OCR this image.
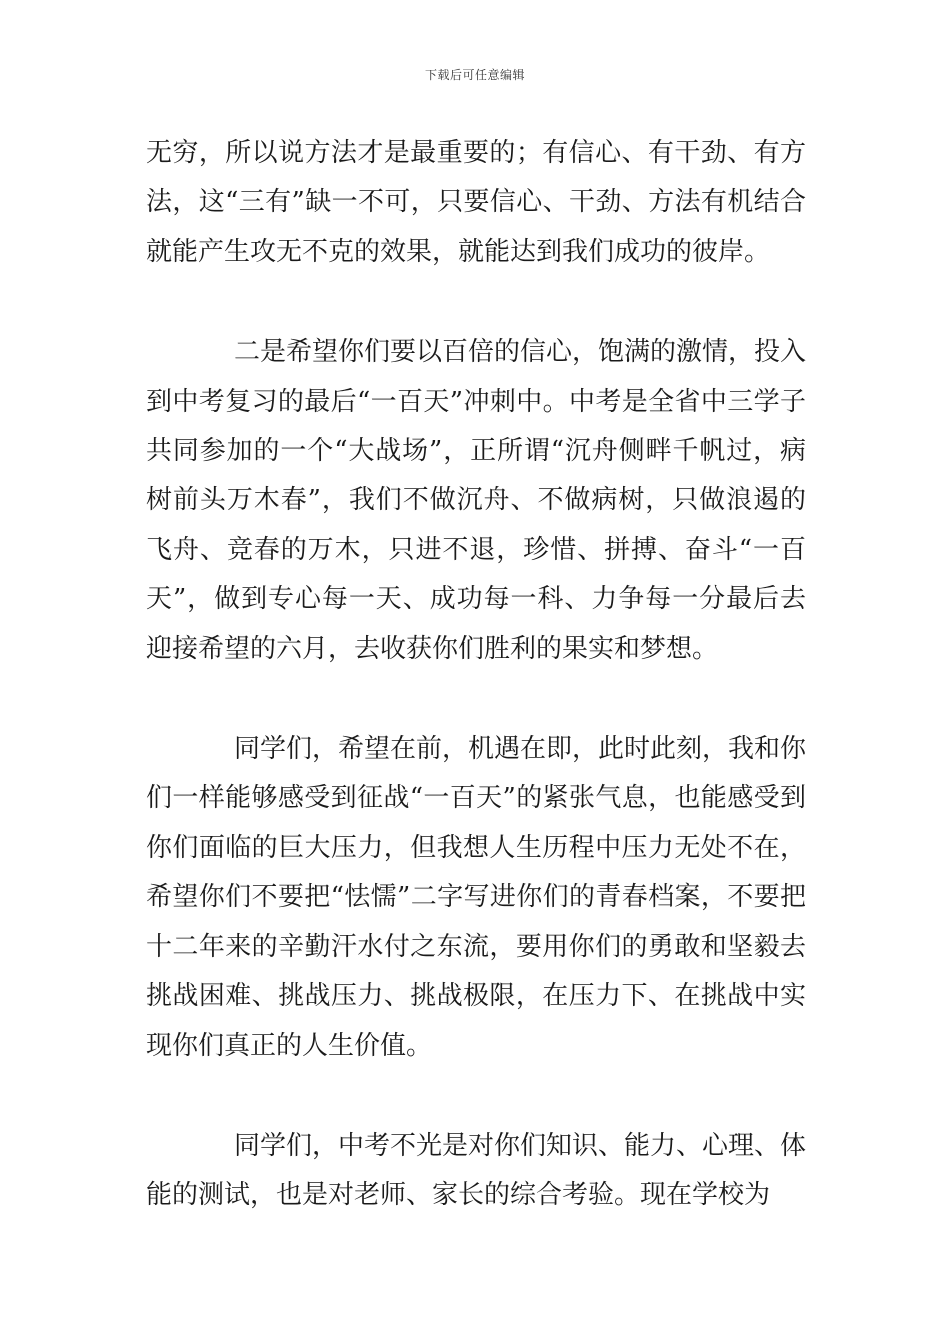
下载后可任意编辑

无穷，所以说方法才是最重要的；有信心、有干劲、有方法，这“三有”缺一不可，只要信心、干劲、方法有机结合就能产生攻无不克的效果，就能达到我们成功的彼岸。

二是希望你们要以百倍的信心，饱满的激情，投入到中考复习的最后“一百天”冲刺中。中考是全省中三学子共同参加的一个“大战场”，正所谓“沉舟侧畔千帆过，病树前头万木春”，我们不做沉舟、不做病树，只做浪遏的飞舟、竞春的万木，只进不退，珍惜、拼搏、奋斗“一百天”，做到专心每一天、成功每一科、力争每一分最后去迎接希望的六月，去收获你们胜利的果实和梦想。

同学们，希望在前，机遇在即，此时此刻，我和你们一样能够感受到征战“一百天”的紧张气息，也能感受到你们面临的巨大压力，但我想人生历程中压力无处不在，希望你们不要把“怯懦”二字写进你们的青春档案，不要把十二年来的辛勤汗水付之东流，要用你们的勇敢和坚毅去挑战困难、挑战压力、挑战极限，在压力下、在挑战中实现你们真正的人生价值。

同学们，中考不光是对你们知识、能力、心理、体能的测试，也是对老师、家长的综合考验。现在学校为
